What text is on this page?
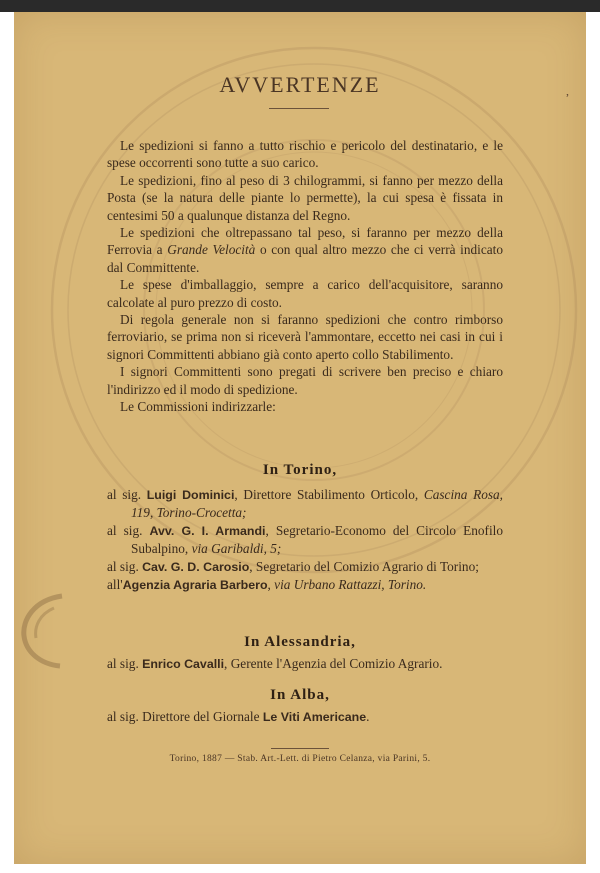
,
AVVERTENZE

Le spedizioni si fanno a tutto rischio e pericolo del destinatario, e le spese occorrenti sono tutte a suo carico.

Le spedizioni, fino al peso di 3 chilogrammi, si fanno per mezzo della Posta (se la natura delle piante lo permette), la cui spesa è fissata in centesimi 50 a qualunque distanza del Regno.

Le spedizioni che oltrepassano tal peso, si faranno per mezzo della Ferrovia a Grande Velocità o con qual altro mezzo che ci verrà indicato dal Committente.

Le spese d'imballaggio, sempre a carico dell'acquisitore, saranno calcolate al puro prezzo di costo.

Di regola generale non si faranno spedizioni che contro rimborso ferroviario, se prima non si riceverà l'ammontare, eccetto nei casi in cui i signori Committenti abbiano già conto aperto collo Stabilimento.

I signori Committenti sono pregati di scrivere ben preciso e chiaro l'indirizzo ed il modo di spedizione.

Le Commissioni indirizzarle:

In Torino,
al sig. Luigi Dominici, Direttore Stabilimento Orticolo, Cascina Rosa, 119, Torino-Crocetta;
al sig. Avv. G. I. Armandi, Segretario-Economo del Circolo Enofilo Subalpino, via Garibaldi, 5;
al sig. Cav. G. D. Carosio, Segretario del Comizio Agrario di Torino;
all'Agenzia Agraria Barbero, via Urbano Rattazzi, Torino.
In Alessandria,
al sig. Enrico Cavalli, Gerente l'Agenzia del Comizio Agrario.
In Alba,
al sig. Direttore del Giornale Le Viti Americane.
Torino, 1887 — Stab. Art.-Lett. di Pietro Celanza, via Parini, 5.
